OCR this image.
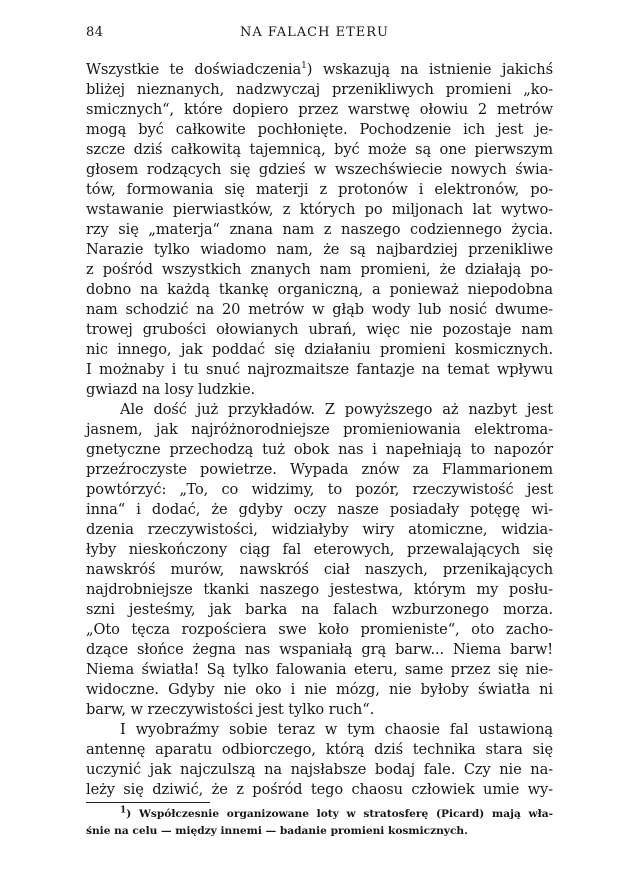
84	NA FALACH ETERU
Wszystkie te doświadczenia$^1$) wskazują na istnienie jakichś
bliżej nieznanych, nadzwyczaj przenikliwych promieni „ko-
smicznych“, które dopiero przez warstwę ołowiu 2 metrów
mogą być całkowite pochłonięte. Pochodzenie ich jest je-
szcze dziś całkowitą tajemnicą, być może są one pierwszym
głosem rodzących się gdzieś w wszechświecie nowych świa-
tów, formowania się materji z protonów i elektronów, po-
wstawanie pierwiastków, z których po miljonach lat wytwo-
rzy się „materja“ znana nam z naszego codziennego życia.
Narazie tylko wiadomo nam, że są najbardziej przenikliwe
z pośród wszystkich znanych nam promieni, że działają po-
dobno na każdą tkankę organiczną, a ponieważ niepodobna
nam schodzić na 20 metrów w głąb wody lub nosić dwume-
trowej grubości ołowianych ubrań, więc nie pozostaje nam
nic innego, jak poddać się działaniu promieni kosmicznych.
I możnaby i tu snuć najrozmaitsze fantazje na temat wpływu
gwiazd na losy ludzkie.
Ale dość już przykładów. Z powyższego aż nazbyt jest
jasnem, jak najróżnorodniejsze promieniowania elektroma-
gnetyczne przechodzą tuż obok nas i napełniają to napozór
przeźroczyste powietrze. Wypada znów za Flammarionem
powtórzyć: „To, co widzimy, to pozór, rzeczywistość jest
inna“ i dodać, że gdyby oczy nasze posiadały potęgę wi-
dzenia rzeczywistości, widziałyby wiry atomiczne, widzia-
łyby nieskończony ciąg fal eterowych, przewalających się
nawskróś murów, nawskróś ciał naszych, przenikających
najdrobniejsze tkanki naszego jestestwa, którym my posłu-
szni jesteśmy, jak barka na falach wzburzonego morza.
„Oto tęcza rozpościera swe koło promieniste“, oto zacho-
dzące słońce żegna nas wspaniałą grą barw... Niema barw!
Niema światła! Są tylko falowania eteru, same przez się nie-
widoczne. Gdyby nie oko i nie mózg, nie byłoby światła ni
barw, w rzeczywistości jest tylko ruch“.
I wyobraźmy sobie teraz w tym chaosie fal ustawioną
antennę aparatu odbiorczego, którą dziś technika stara się
uczynić jak najczulszą na najsłabsze bodaj fale. Czy nie na-
leży się dziwić, że z pośród tego chaosu człowiek umie wy-
$^1$) Współczesnie organizowane loty w stratosferę (Picard) mają wła-
śnie na celu — między innemi — badanie promieni kosmicznych.
